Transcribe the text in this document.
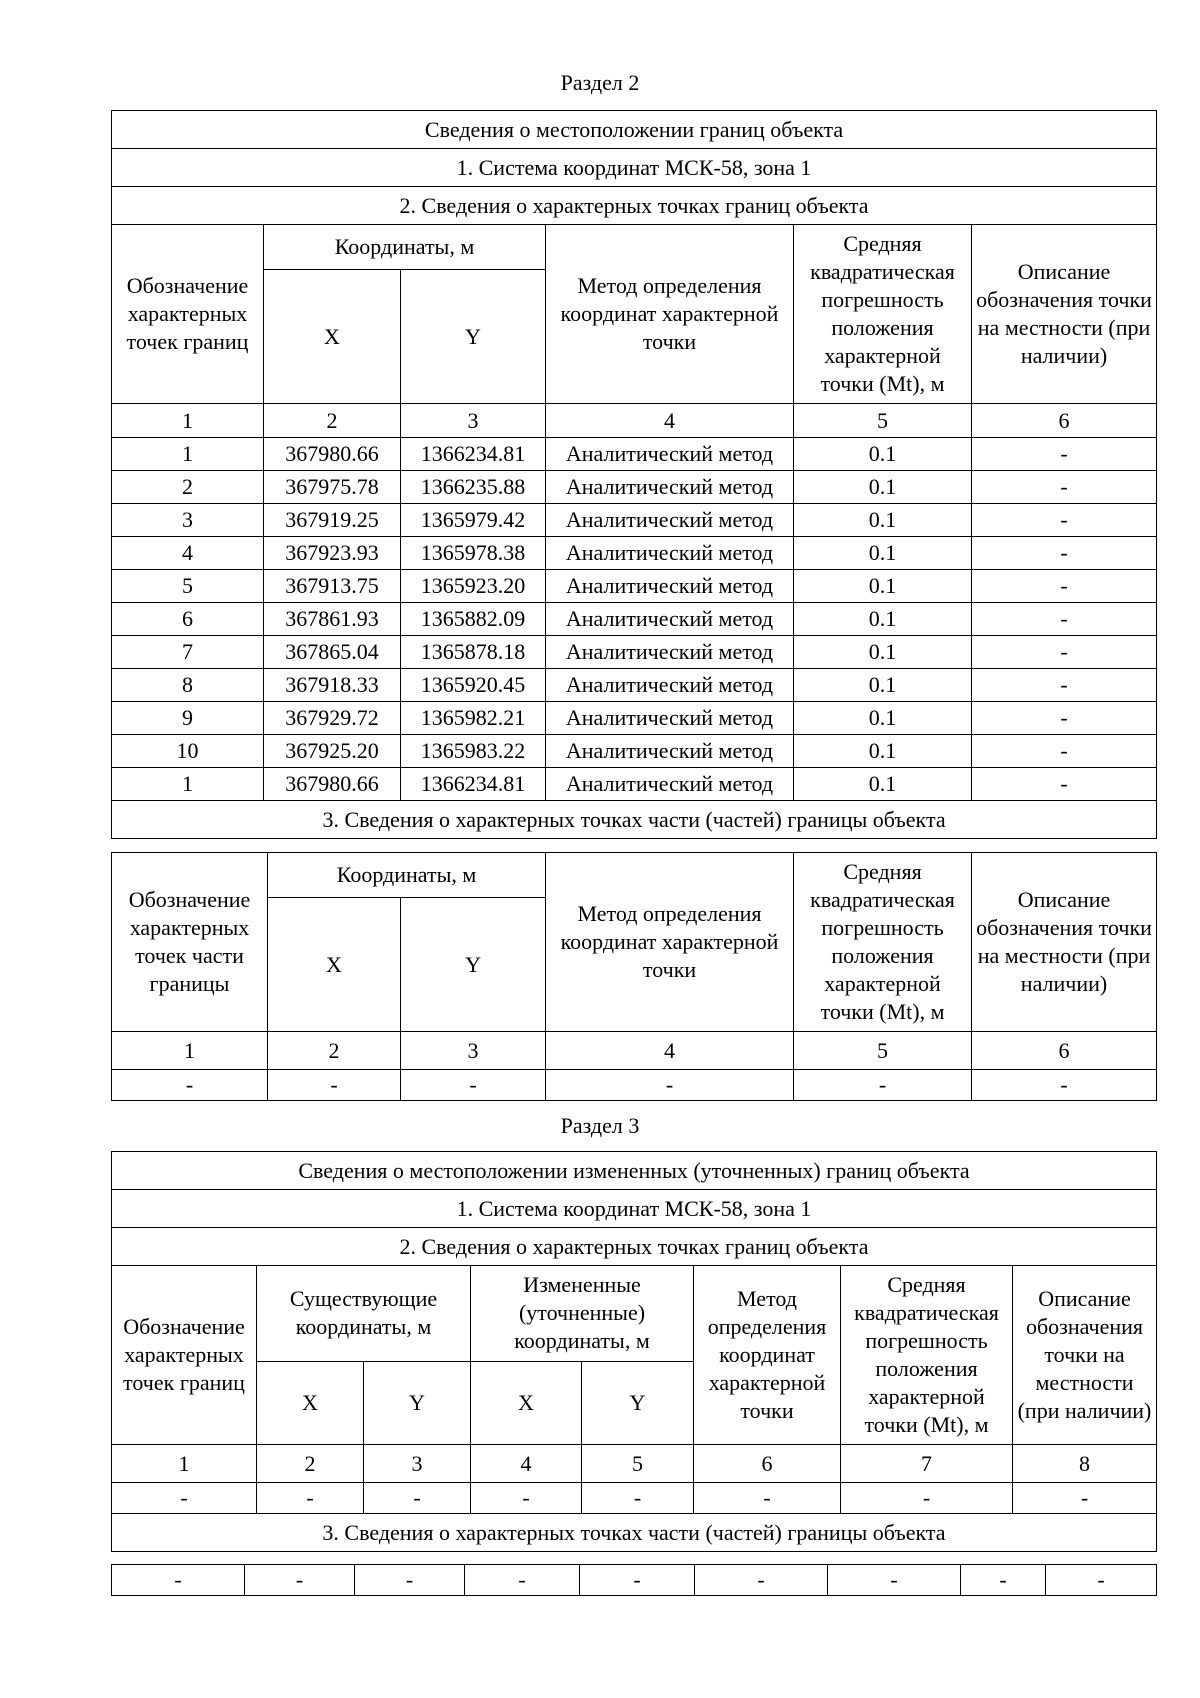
Раздел 2
Сведения о местоположении границ объекта					
1. Система координат МСК-58, зона 1					
2. Сведения о характерных точках границ объекта					
Обозначение характерных точек границ	Координаты, м		Метод определения координат характерной точки	Средняя квадратическая погрешность положения характерной точки (Mt), м	Описание обозначения точки на местности (при наличии)
	X	Y			
1	2	3	4	5	6
1	367980.66	1366234.81	Аналитический метод	0.1	-
2	367975.78	1366235.88	Аналитический метод	0.1	-
3	367919.25	1365979.42	Аналитический метод	0.1	-
4	367923.93	1365978.38	Аналитический метод	0.1	-
5	367913.75	1365923.20	Аналитический метод	0.1	-
6	367861.93	1365882.09	Аналитический метод	0.1	-
7	367865.04	1365878.18	Аналитический метод	0.1	-
8	367918.33	1365920.45	Аналитический метод	0.1	-
9	367929.72	1365982.21	Аналитический метод	0.1	-
10	367925.20	1365983.22	Аналитический метод	0.1	-
1	367980.66	1366234.81	Аналитический метод	0.1	-
3. Сведения о характерных точках части (частей) границы объекта					
Обозначение характерных точек части границы	Координаты, м		Метод определения координат характерной точки	Средняя квадратическая погрешность положения характерной точки (Mt), м	Описание обозначения точки на местности (при наличии)
	X	Y			
1	2	3	4	5	6
-	-	-	-	-	-
Раздел 3
Сведения о местоположении измененных (уточненных) границ объекта							
1. Система координат МСК-58, зона 1							
2. Сведения о характерных точках границ объекта							
Обозначение характерных точек границ	Существующие координаты, м		Измененные (уточненные) координаты, м		Метод определения координат характерной точки	Средняя квадратическая погрешность положения характерной точки (Mt), м	Описание обозначения точки на местности (при наличии)
	X	Y	X	Y			
1	2	3	4	5	6	7	8
-	-	-	-	-	-	-	-
3. Сведения о характерных точках части (частей) границы объекта							
-	-	-	-	-	-	-	-	-
